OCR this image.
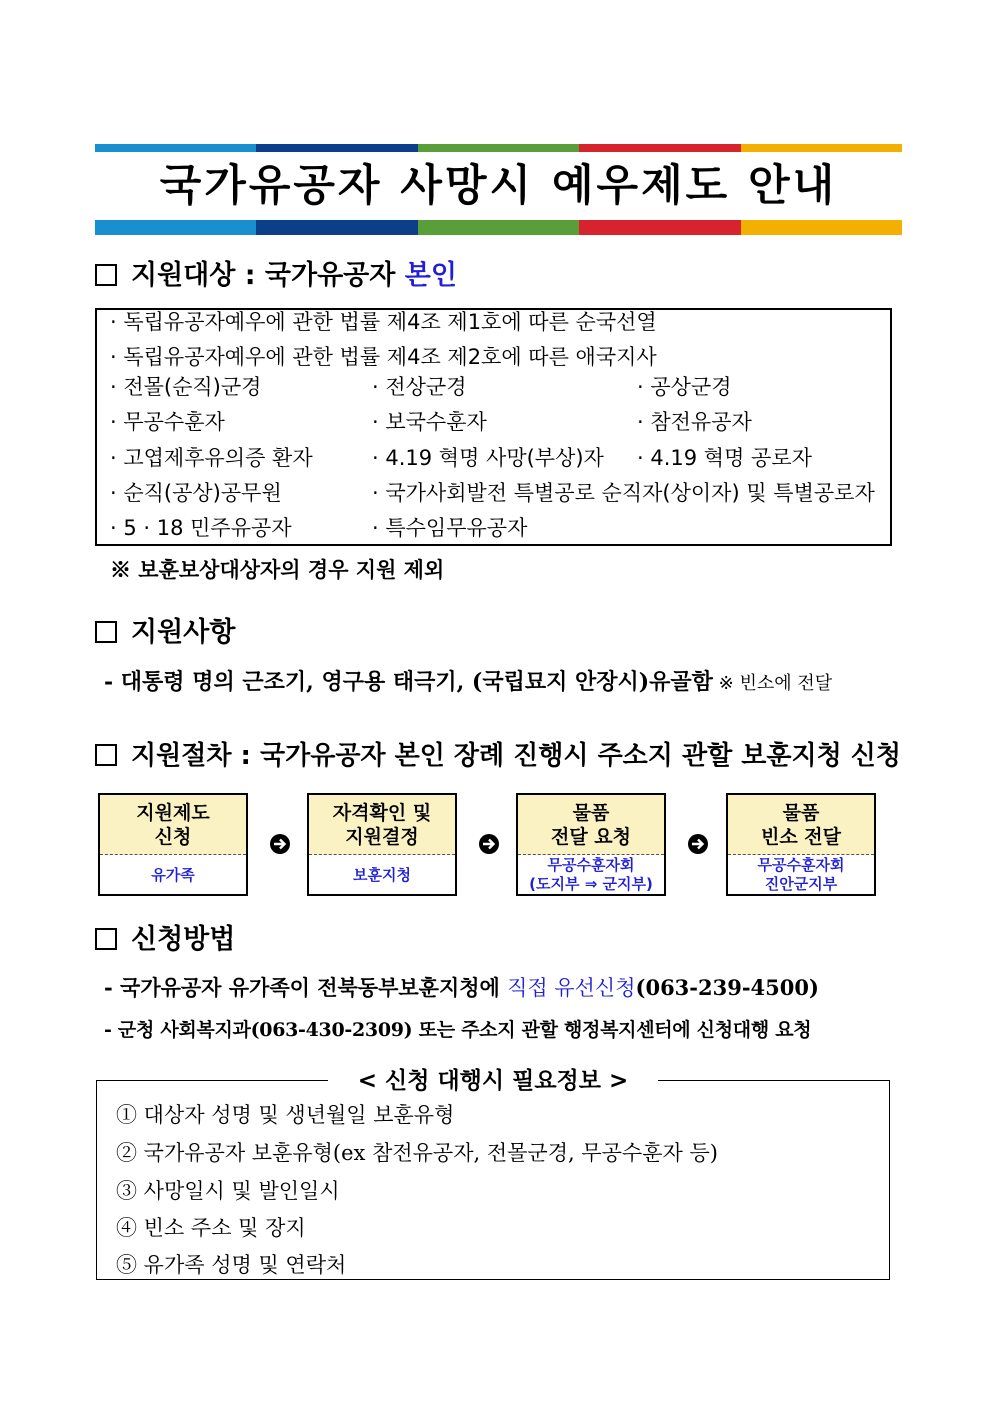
국가유공자 사망시 예우제도 안내
지원대상 : 국가유공자 본인
· 독립유공자예우에 관한 법률 제4조 제1호에 따른 순국선열
· 독립유공자예우에 관한 법률 제4조 제2호에 따른 애국지사
· 전몰(순직)군경	· 전상군경	· 공상군경
· 무공수훈자	· 보국수훈자	· 참전유공자
· 고엽제후유의증 환자	· 4.19 혁명 사망(부상)자 · 4.19 혁명 공로자
· 순직(공상)공무원	· 국가사회발전 특별공로 순직자(상이자) 및 특별공로자
· 5 · 18 민주유공자	· 특수임무유공자
※ 보훈보상대상자의 경우 지원 제외
지원사항
- 대통령 명의 근조기, 영구용 태극기, (국립묘지 안장시)유골함 ※ 빈소에 전달
지원절차 : 국가유공자 본인 장례 진행시 주소지 관할 보훈지청 신청
지원제도
신청
유가족
자격확인 및
지원결정
보훈지청
물품
전달 요청
무공수훈자회
(도지부 ⇒ 군지부)
물품
빈소 전달
무공수훈자회
진안군지부
신청방법
- 국가유공자 유가족이 전북동부보훈지청에 직접 유선신청(063-239-4500)
- 군청 사회복지과(063-430-2309) 또는 주소지 관할 행정복지센터에 신청대행 요청
< 신청 대행시 필요정보 >
① 대상자 성명 및 생년월일 보훈유형
② 국가유공자 보훈유형(ex 참전유공자, 전몰군경, 무공수훈자 등)
③ 사망일시 및 발인일시
④ 빈소 주소 및 장지
⑤ 유가족 성명 및 연락처
